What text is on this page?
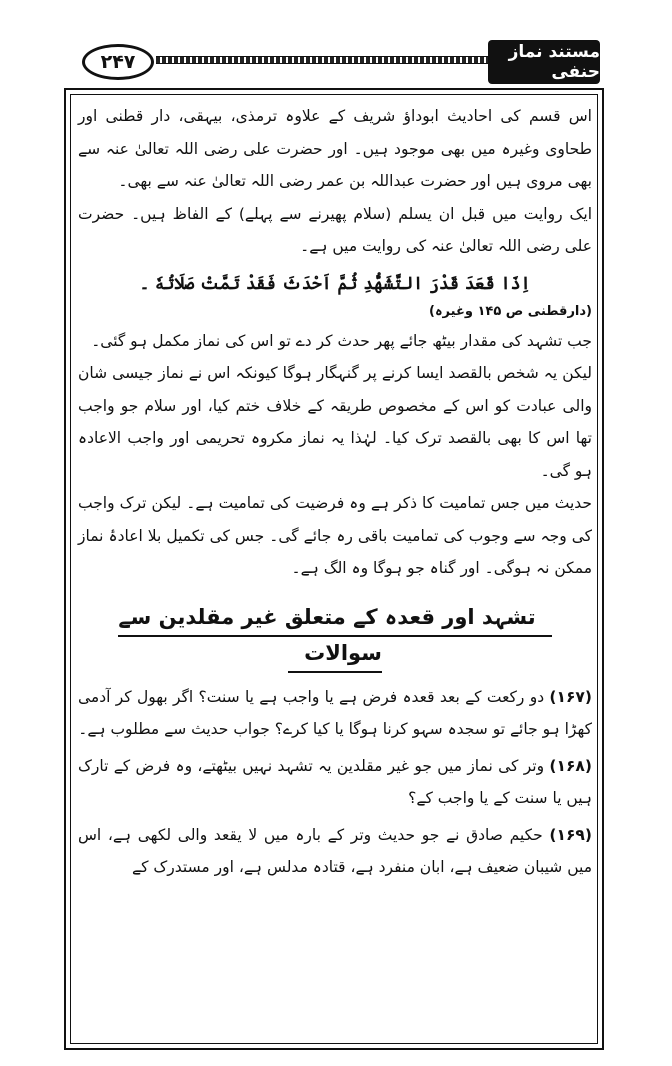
۲۴۷	مستند نماز حنفی

اس قسم کی احادیث ابوداؤ شریف کے علاوہ ترمذی، بیہقی، دار قطنی اور طحاوی وغیرہ میں بھی موجود ہیں۔ اور حضرت علی رضی اللہ تعالیٰ عنہ سے بھی مروی ہیں اور حضرت عبداللہ بن عمر رضی اللہ تعالیٰ عنہ سے بھی۔

ایک روایت میں قبل ان یسلم (سلام پھیرنے سے پہلے) کے الفاظ ہیں۔ حضرت علی رضی اللہ تعالیٰ عنہ کی روایت میں ہے۔

اِذَا قَعَدَ قَدْرَ التَّشَهُّدِ ثُمَّ اَحْدَثَ فَقَدْ تَمَّتْ صَلَاتُهٗ ۔

(دارقطنی ص ۱۴۵ وغیرہ)

جب تشہد کی مقدار بیٹھ جائے پھر حدث کر دے تو اس کی نماز مکمل ہو گئی۔

لیکن یہ شخص بالقصد ایسا کرنے پر گنہگار ہوگا کیونکہ اس نے نماز جیسی شان والی عبادت کو اس کے مخصوص طریقہ کے خلاف ختم کیا، اور سلام جو واجب تھا اس کا بھی بالقصد ترک کیا۔ لہٰذا یہ نماز مکروہ تحریمی اور واجب الاعادہ ہو گی۔

حدیث میں جس تمامیت کا ذکر ہے وہ فرضیت کی تمامیت ہے۔ لیکن ترک واجب کی وجہ سے وجوب کی تمامیت باقی رہ جائے گی۔ جس کی تکمیل بلا اعادۂ نماز ممکن نہ ہوگی۔ اور گناہ جو ہوگا وہ الگ ہے۔

تشہد اور قعدہ کے متعلق غیر مقلدین سے سوالات

(۱۶۷) دو رکعت کے بعد قعدہ فرض ہے یا واجب ہے یا سنت؟ اگر بھول کر آدمی کھڑا ہو جائے تو سجدہ سہو کرنا ہوگا یا کیا کرے؟ جواب حدیث سے مطلوب ہے۔

(۱۶۸) وتر کی نماز میں جو غیر مقلدین یہ تشہد نہیں بیٹھتے، وہ فرض کے تارک ہیں یا سنت کے یا واجب کے؟

(۱۶۹) حکیم صادق نے جو حدیث وتر کے بارہ میں لا یقعد والی لکھی ہے، اس میں شیبان ضعیف ہے، ابان منفرد ہے، قتادہ مدلس ہے، اور مستدرک کے
